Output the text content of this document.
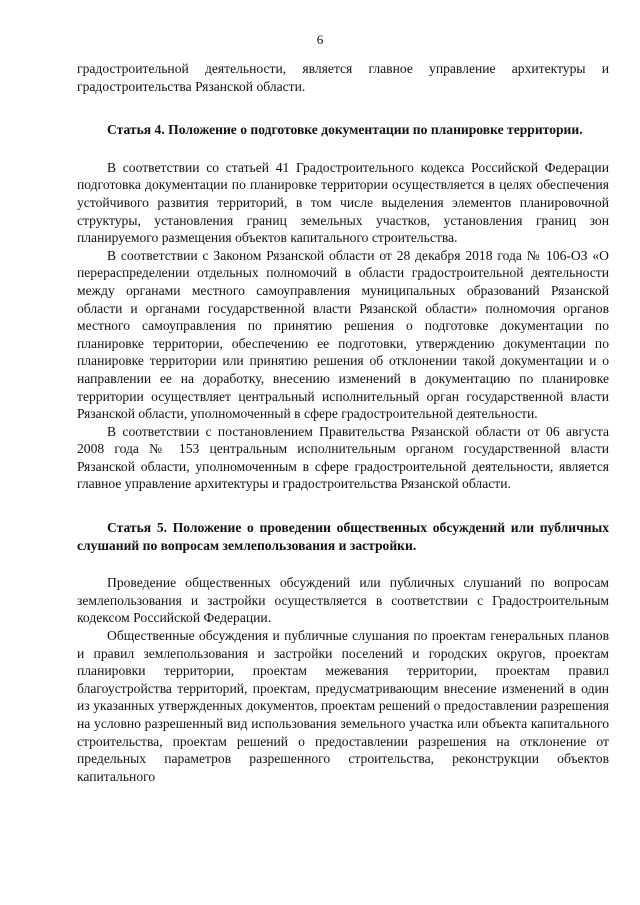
6

градостроительной деятельности, является главное управление архитектуры и градостроительства Рязанской области.

Статья 4. Положение о подготовке документации по планировке территории.

В соответствии со статьей 41 Градостроительного кодекса Российской Федерации подготовка документации по планировке территории осуществляется в целях обеспечения устойчивого развития территорий, в том числе выделения элементов планировочной структуры, установления границ земельных участков, установления границ зон планируемого размещения объектов капитального строительства.

В соответствии с Законом Рязанской области от 28 декабря 2018 года № 106-ОЗ «О перераспределении отдельных полномочий в области градостроительной деятельности между органами местного самоуправления муниципальных образований Рязанской области и органами государственной власти Рязанской области» полномочия органов местного самоуправления по принятию решения о подготовке документации по планировке территории, обеспечению ее подготовки, утверждению документации по планировке территории или принятию решения об отклонении такой документации и о направлении ее на доработку, внесению изменений в документацию по планировке территории осуществляет центральный исполнительный орган государственной власти Рязанской области, уполномоченный в сфере градостроительной деятельности.

В соответствии с постановлением Правительства Рязанской области от 06 августа 2008 года № 153 центральным исполнительным органом государственной власти Рязанской области, уполномоченным в сфере градостроительной деятельности, является главное управление архитектуры и градостроительства Рязанской области.

Статья 5. Положение о проведении общественных обсуждений или публичных слушаний по вопросам землепользования и застройки.

Проведение общественных обсуждений или публичных слушаний по вопросам землепользования и застройки осуществляется в соответствии с Градостроительным кодексом Российской Федерации.

Общественные обсуждения и публичные слушания по проектам генеральных планов и правил землепользования и застройки поселений и городских округов, проектам планировки территории, проектам межевания территории, проектам правил благоустройства территорий, проектам, предусматривающим внесение изменений в один из указанных утвержденных документов, проектам решений о предоставлении разрешения на условно разрешенный вид использования земельного участка или объекта капитального строительства, проектам решений о предоставлении разрешения на отклонение от предельных параметров разрешенного строительства, реконструкции объектов капитального
